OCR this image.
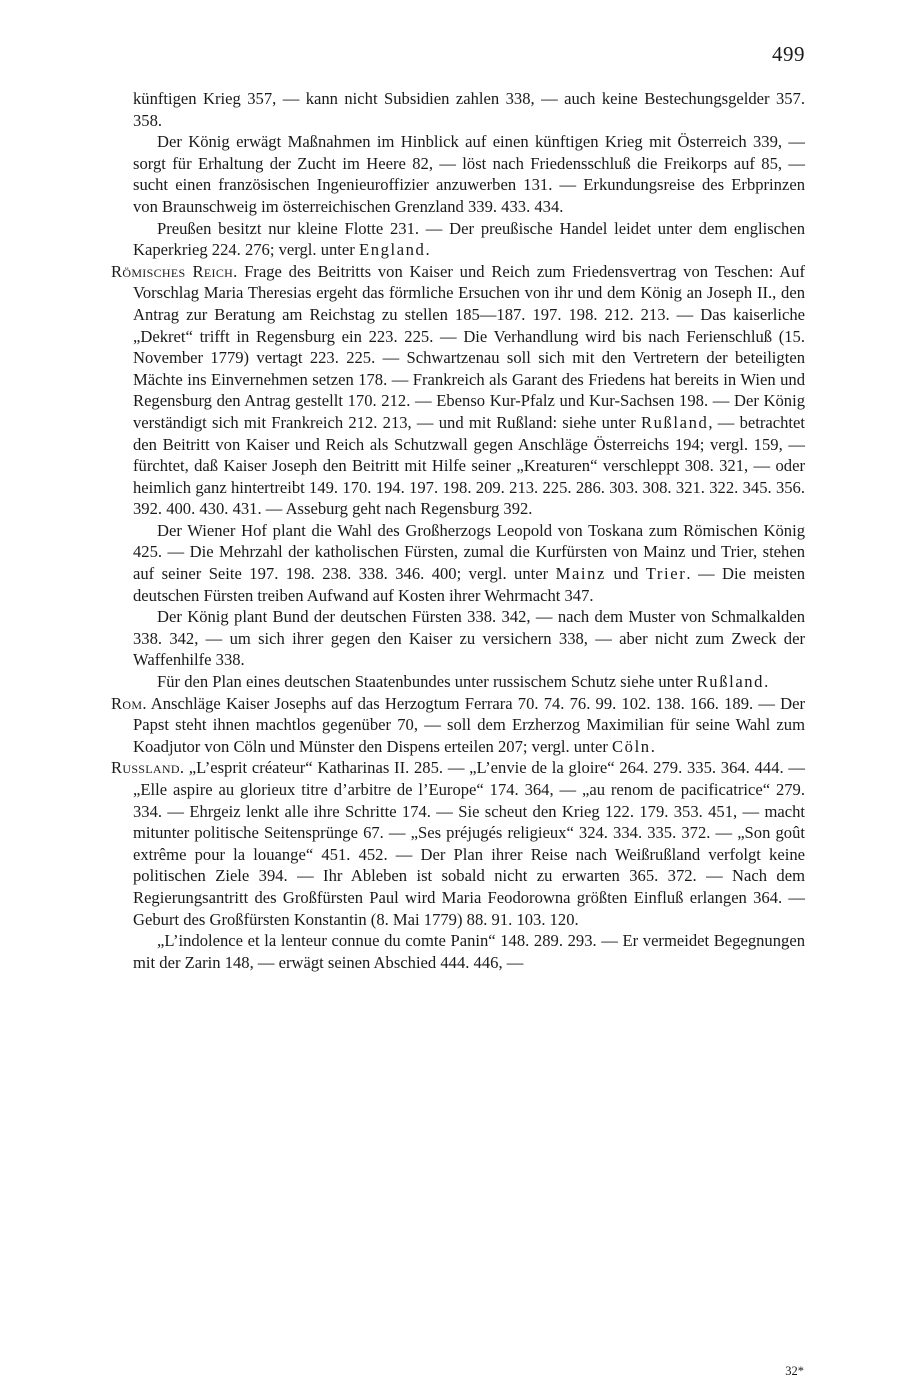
499

künftigen Krieg 357, — kann nicht Subsidien zahlen 338, — auch keine Bestechungsgelder 357. 358.

Der König erwägt Maßnahmen im Hinblick auf einen künftigen Krieg mit Österreich 339, — sorgt für Erhaltung der Zucht im Heere 82, — löst nach Friedensschluß die Freikorps auf 85, — sucht einen französischen Ingenieuroffizier anzuwerben 131. — Erkundungsreise des Erbprinzen von Braunschweig im österreichischen Grenzland 339. 433. 434.

Preußen besitzt nur kleine Flotte 231. — Der preußische Handel leidet unter dem englischen Kaperkrieg 224. 276; vergl. unter England.

Römisches Reich. Frage des Beitritts von Kaiser und Reich zum Friedensvertrag von Teschen: Auf Vorschlag Maria Theresias ergeht das förmliche Ersuchen von ihr und dem König an Joseph II., den Antrag zur Beratung am Reichstag zu stellen 185—187. 197. 198. 212. 213. — Das kaiserliche „Dekret“ trifft in Regensburg ein 223. 225. — Die Verhandlung wird bis nach Ferienschluß (15. November 1779) vertagt 223. 225. — Schwartzenau soll sich mit den Vertretern der beteiligten Mächte ins Einvernehmen setzen 178. — Frankreich als Garant des Friedens hat bereits in Wien und Regensburg den Antrag gestellt 170. 212. — Ebenso Kur-Pfalz und Kur-Sachsen 198. — Der König verständigt sich mit Frankreich 212. 213, — und mit Rußland: siehe unter Rußland, — betrachtet den Beitritt von Kaiser und Reich als Schutzwall gegen Anschläge Österreichs 194; vergl. 159, — fürchtet, daß Kaiser Joseph den Beitritt mit Hilfe seiner „Kreaturen“ verschleppt 308. 321, — oder heimlich ganz hintertreibt 149. 170. 194. 197. 198. 209. 213. 225. 286. 303. 308. 321. 322. 345. 356. 392. 400. 430. 431. — Asseburg geht nach Regensburg 392.

Der Wiener Hof plant die Wahl des Großherzogs Leopold von Toskana zum Römischen König 425. — Die Mehrzahl der katholischen Fürsten, zumal die Kurfürsten von Mainz und Trier, stehen auf seiner Seite 197. 198. 238. 338. 346. 400; vergl. unter Mainz und Trier. — Die meisten deutschen Fürsten treiben Aufwand auf Kosten ihrer Wehrmacht 347.

Der König plant Bund der deutschen Fürsten 338. 342, — nach dem Muster von Schmalkalden 338. 342, — um sich ihrer gegen den Kaiser zu versichern 338, — aber nicht zum Zweck der Waffenhilfe 338.

Für den Plan eines deutschen Staatenbundes unter russischem Schutz siehe unter Rußland.

Rom. Anschläge Kaiser Josephs auf das Herzogtum Ferrara 70. 74. 76. 99. 102. 138. 166. 189. — Der Papst steht ihnen machtlos gegenüber 70, — soll dem Erzherzog Maximilian für seine Wahl zum Koadjutor von Cöln und Münster den Dispens erteilen 207; vergl. unter Cöln.

Russland. „L’esprit créateur“ Katharinas II. 285. — „L’envie de la gloire“ 264. 279. 335. 364. 444. — „Elle aspire au glorieux titre d’arbitre de l’Europe“ 174. 364, — „au renom de pacificatrice“ 279. 334. — Ehrgeiz lenkt alle ihre Schritte 174. — Sie scheut den Krieg 122. 179. 353. 451, — macht mitunter politische Seitensprünge 67. — „Ses préjugés religieux“ 324. 334. 335. 372. — „Son goût extrême pour la louange“ 451. 452. — Der Plan ihrer Reise nach Weißrußland verfolgt keine politischen Ziele 394. — Ihr Ableben ist sobald nicht zu erwarten 365. 372. — Nach dem Regierungsantritt des Großfürsten Paul wird Maria Feodorowna größten Einfluß erlangen 364. — Geburt des Großfürsten Konstantin (8. Mai 1779) 88. 91. 103. 120.

„L’indolence et la lenteur connue du comte Panin“ 148. 289. 293. — Er vermeidet Begegnungen mit der Zarin 148, — erwägt seinen Abschied 444. 446, —

32*
